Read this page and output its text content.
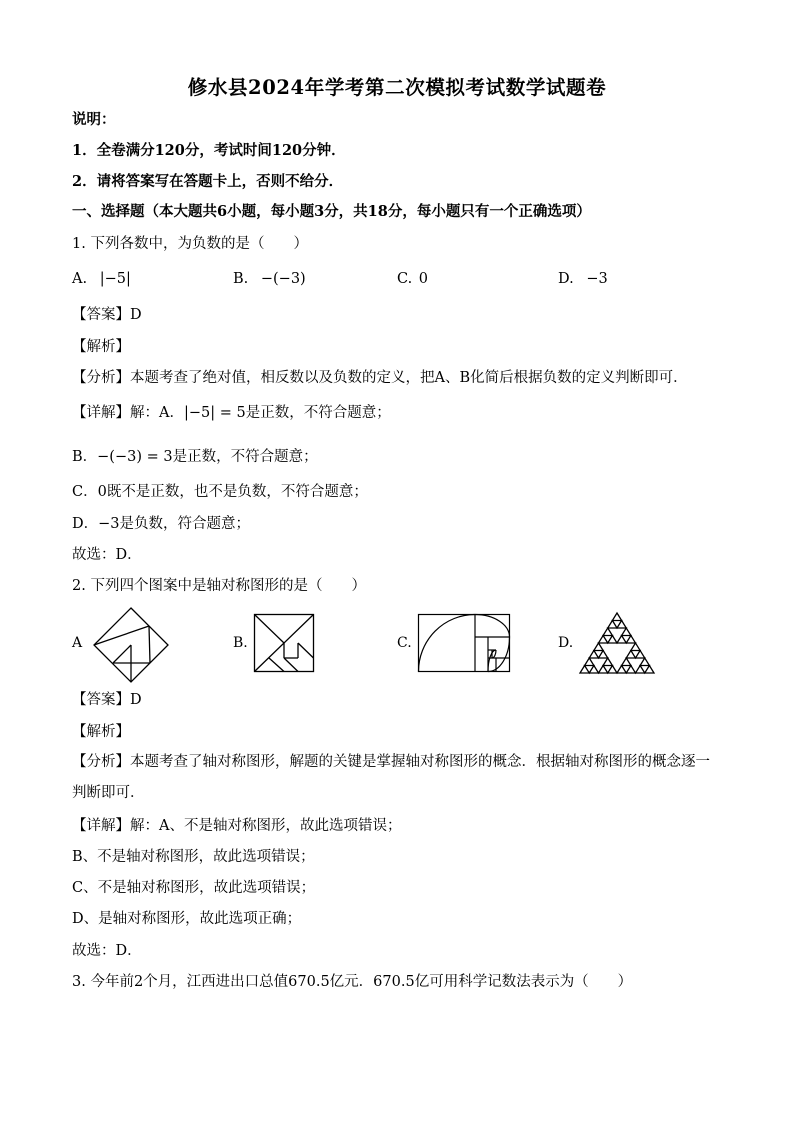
修水县2024年学考第二次模拟考试数学试题卷
说明：
1．全卷满分120分，考试时间120分钟．
2．请将答案写在答题卡上，否则不给分．
一、选择题（本大题共6小题，每小题3分，共18分，每小题只有一个正确选项）
1. 下列各数中，为负数的是（　　）
A. |−5|	B. −(−3)	C. 0	D. −3
【答案】D
【解析】
【分析】本题考查了绝对值，相反数以及负数的定义，把A、B化简后根据负数的定义判断即可．
【详解】解：A．|−5| = 5是正数，不符合题意；
B．−(−3) = 3是正数，不符合题意；
C．0既不是正数，也不是负数，不符合题意；
D．−3是负数，符合题意；
故选：D．
2. 下列四个图案中是轴对称图形的是（　　）
A	B.	C.	D.
【答案】D
【解析】
【分析】本题考查了轴对称图形，解题的关键是掌握轴对称图形的概念．根据轴对称图形的概念逐一判断即可．
【详解】解：A、不是轴对称图形，故此选项错误；
B、不是轴对称图形，故此选项错误；
C、不是轴对称图形，故此选项错误；
D、是轴对称图形，故此选项正确；
故选：D．
3. 今年前2个月，江西进出口总值670.5亿元．670.5亿可用科学记数法表示为（　　）
